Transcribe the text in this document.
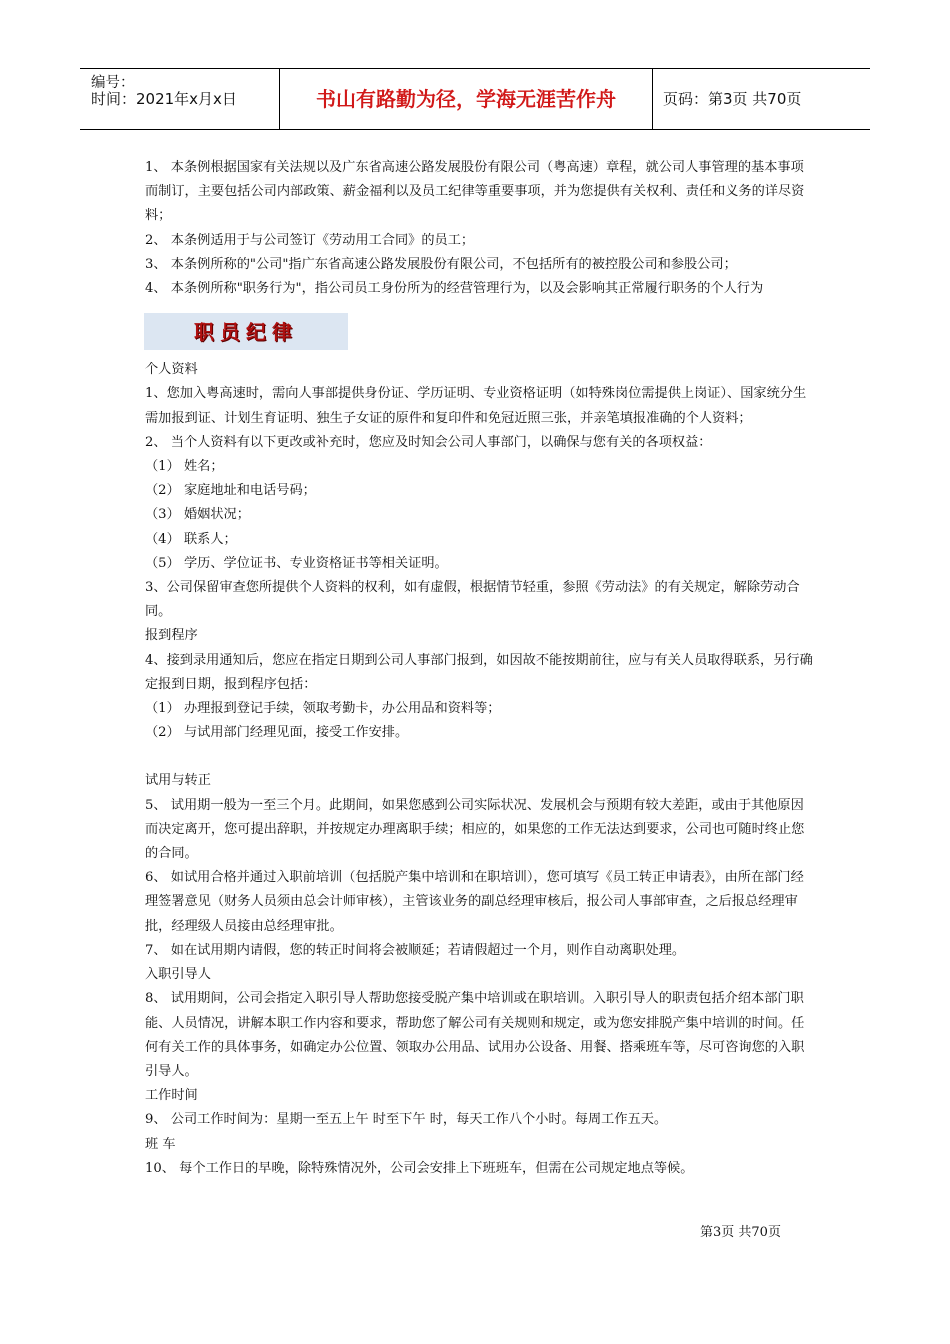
编号：
时间：2021年x月x日	书山有路勤为径，学海无涯苦作舟	页码：第3页 共70页

1、 本条例根据国家有关法规以及广东省高速公路发展股份有限公司（粤高速）章程，就公司人事管理的基本事项而制订，主要包括公司内部政策、薪金福利以及员工纪律等重要事项，并为您提供有关权利、责任和义务的详尽资料；

2、 本条例适用于与公司签订《劳动用工合同》的员工；

3、 本条例所称的"公司"指广东省高速公路发展股份有限公司，不包括所有的被控股公司和参股公司；

4、 本条例所称"职务行为"，指公司员工身份所为的经营管理行为，以及会影响其正常履行职务的个人行为

职员纪律

个人资料

1、您加入粤高速时，需向人事部提供身份证、学历证明、专业资格证明（如特殊岗位需提供上岗证）、国家统分生需加报到证、计划生育证明、独生子女证的原件和复印件和免冠近照三张，并亲笔填报准确的个人资料；

2、 当个人资料有以下更改或补充时，您应及时知会公司人事部门，以确保与您有关的各项权益：

（1） 姓名；

（2） 家庭地址和电话号码；

（3） 婚姻状况；

（4） 联系人；

（5） 学历、学位证书、专业资格证书等相关证明。

3、公司保留审查您所提供个人资料的权利，如有虚假，根据情节轻重，参照《劳动法》的有关规定，解除劳动合同。

报到程序

4、接到录用通知后，您应在指定日期到公司人事部门报到，如因故不能按期前往，应与有关人员取得联系，另行确定报到日期，报到程序包括：

（1） 办理报到登记手续，领取考勤卡，办公用品和资料等；

（2） 与试用部门经理见面，接受工作安排。

试用与转正

5、 试用期一般为一至三个月。此期间，如果您感到公司实际状况、发展机会与预期有较大差距，或由于其他原因而决定离开，您可提出辞职，并按规定办理离职手续；相应的，如果您的工作无法达到要求，公司也可随时终止您的合同。

6、 如试用合格并通过入职前培训（包括脱产集中培训和在职培训），您可填写《员工转正申请表》，由所在部门经理签署意见（财务人员须由总会计师审核），主管该业务的副总经理审核后，报公司人事部审查，之后报总经理审批，经理级人员接由总经理审批。

7、 如在试用期内请假，您的转正时间将会被顺延；若请假超过一个月，则作自动离职处理。

入职引导人

8、 试用期间，公司会指定入职引导人帮助您接受脱产集中培训或在职培训。入职引导人的职责包括介绍本部门职能、人员情况，讲解本职工作内容和要求，帮助您了解公司有关规则和规定，或为您安排脱产集中培训的时间。任何有关工作的具体事务，如确定办公位置、领取办公用品、试用办公设备、用餐、搭乘班车等，尽可咨询您的入职引导人。

工作时间

9、 公司工作时间为：星期一至五上午 时至下午 时，每天工作八个小时。每周工作五天。

班 车

10、 每个工作日的早晚，除特殊情况外，公司会安排上下班班车，但需在公司规定地点等候。

第3页 共70页
